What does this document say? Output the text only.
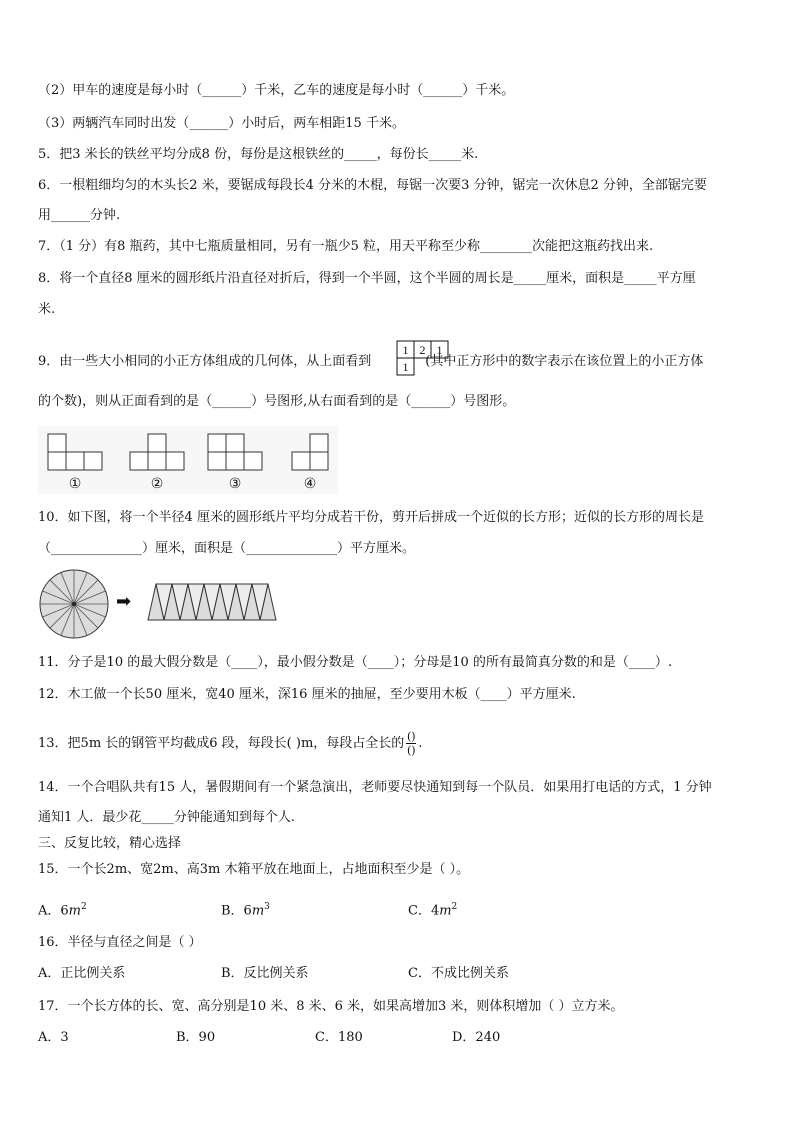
（2）甲车的速度是每小时（______）千米，乙车的速度是每小时（______）千米。
（3）两辆汽车同时出发（______）小时后，两车相距15 千米。
5．把3 米长的铁丝平均分成8 份，每份是这根铁丝的_____，每份长_____米.
6．一根粗细均匀的木头长2 米，要锯成每段长4 分米的木棍，每锯一次要3 分钟，锯完一次休息2 分钟，全部锯完要
用______分钟.
7．（1 分）有8 瓶药，其中七瓶质量相同，另有一瓶少5 粒，用天平称至少称________次能把这瓶药找出来.
8．将一个直径8 厘米的圆形纸片沿直径对折后，得到一个半圆，这个半圆的周长是_____厘米，面积是_____平方厘
米.
9．由一些大小相同的小正方体组成的几何体，从上面看到	(其中正方形中的数字表示在该位置上的小正方体
1 2 1
1
的个数)，则从正面看到的是（______）号图形,从右面看到的是（______）号图形。
①	②	③	④
10．如下图，将一个半径4 厘米的圆形纸片平均分成若干份，剪开后拼成一个近似的长方形；近似的长方形的周长是
（______________）厘米，面积是（______________）平方厘米。
➡
11．分子是10 的最大假分数是（____），最小假分数是（____）；分母是10 的所有最简真分数的和是（____）.
12．木工做一个长50 厘米，宽40 厘米，深16 厘米的抽屉，至少要用木板（____）平方厘米.
13．把5m 长的钢管平均截成6 段，每段长( )m，每段占全长的 $\frac{()}{()}$ .
14．一个合唱队共有15 人，暑假期间有一个紧急演出，老师要尽快通知到每一个队员．如果用打电话的方式，1 分钟
通知1 人．最少花_____分钟能通知到每个人.
三、反复比较，精心选择
15．一个长2m、宽2m、高3m 木箱平放在地面上，占地面积至少是（ ）。
A．$6m^2$	B．$6m^3$	C．$4m^2$
16．半径与直径之间是（ ）
A．正比例关系	B．反比例关系	C．不成比例关系
17．一个长方体的长、宽、高分别是10 米、8 米、6 米，如果高增加3 米，则体积增加（ ）立方米。
A．3	B．90	C．180	D．240
